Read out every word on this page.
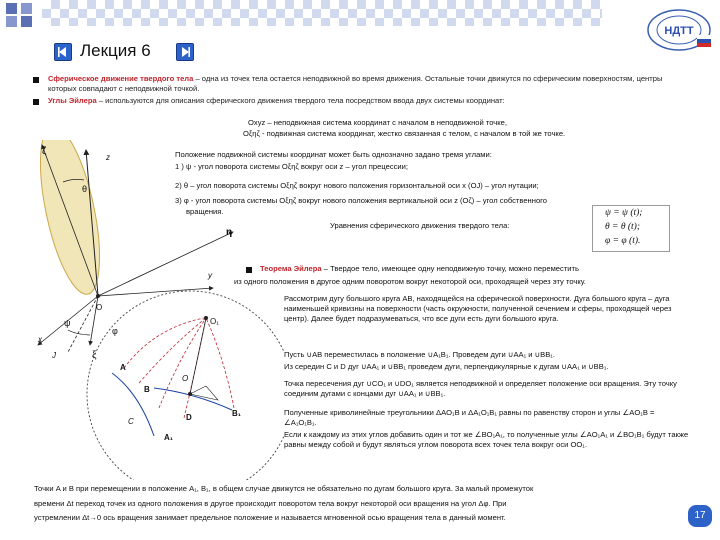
НДТТ
Лекция 6
Сферическое движение твердого тела – одна из точек тела остается неподвижной во время движения. Остальные точки движутся по сферическим поверхностям, центры которых совпадают с неподвижной точкой.
Углы Эйлера – используются для описания сферического движения твердого тела посредством ввода двух системы координат:
Oxyz – неподвижная система координат с началом в неподвижной точке,
Oξηζ - подвижная система координат, жестко связанная с телом, с началом в той же точке.
Положение подвижной системы координат может быть однозначно задано тремя углами:
1 ) ψ - угол поворота системы Oξηζ вокруг оси z – угол прецессии;
2) θ – угол поворота системы Oξηζ вокруг нового положения горизонтальной оси x (OJ) – угол нутации;
3) φ - угол поворота системы Oξηζ вокруг нового положения вертикальной оси z (Oζ) – угол собственного
вращения.
Уравнения сферического движения твердого тела:
ψ = ψ (t);
θ = θ (t);
φ = φ (t).
Теорема Эйлера – Твердое тело, имеющее одну неподвижную точку, можно переместить
из одного положения в другое одним поворотом вокруг некоторой оси, проходящей через эту точку.
Рассмотрим дугу большого круга AB, находящейся на сферической поверхности. Дуга большого круга – дуга наименьшей кривизны на поверхности (часть окружности, полученной сечением и сферы, проходящей через центр). Далее будет подразумеваться, что все дуги есть дуги большого круга.
Пусть ∪AB переместилась в положение ∪A₁B₁. Проведем дуги ∪AA₁ и ∪BB₁.
Из середин C и D дуг ∪AA₁ и ∪BB₁ проведем дуги, перпендикулярные к дугам ∪AA₁ и ∪BB₁.
Точка пересечения дуг ∪CO₁ и ∪DO₁ является неподвижной и определяет положение оси вращения. Эту точку соединим дугами с концами дуг ∪AA₁ и ∪BB₁.
Полученные криволинейные треугольники ΔAO₁B и ΔA₁O₁B₁ равны по равенству сторон и углы ∠AO₁B = ∠A₁O₁B₁.
Если к каждому из этих углов добавить один и тот же ∠BO₁A₁, то полученные углы ∠AO₁A₁ и ∠BO₁B₁ будут также равны между собой и будут являться углом поворота всех точек тела вокруг оси OO₁.
Точки A и B при перемещении в положение A₁, B₁, в общем случае движутся не обязательно по дугам большого круга. За малый промежуток
времени Δt переход точек из одного положения в другое происходит поворотом тела вокруг некоторой оси вращения на угол Δφ. При
устремлении Δt→0 ось вращения занимает предельное положение и называется мгновенной осью вращения тела в данный момент.	17
ζ
z
θ
η
y
O
x
J	ξ
ψ
φ
O₁
O
A
B
C	D	B₁
A₁
